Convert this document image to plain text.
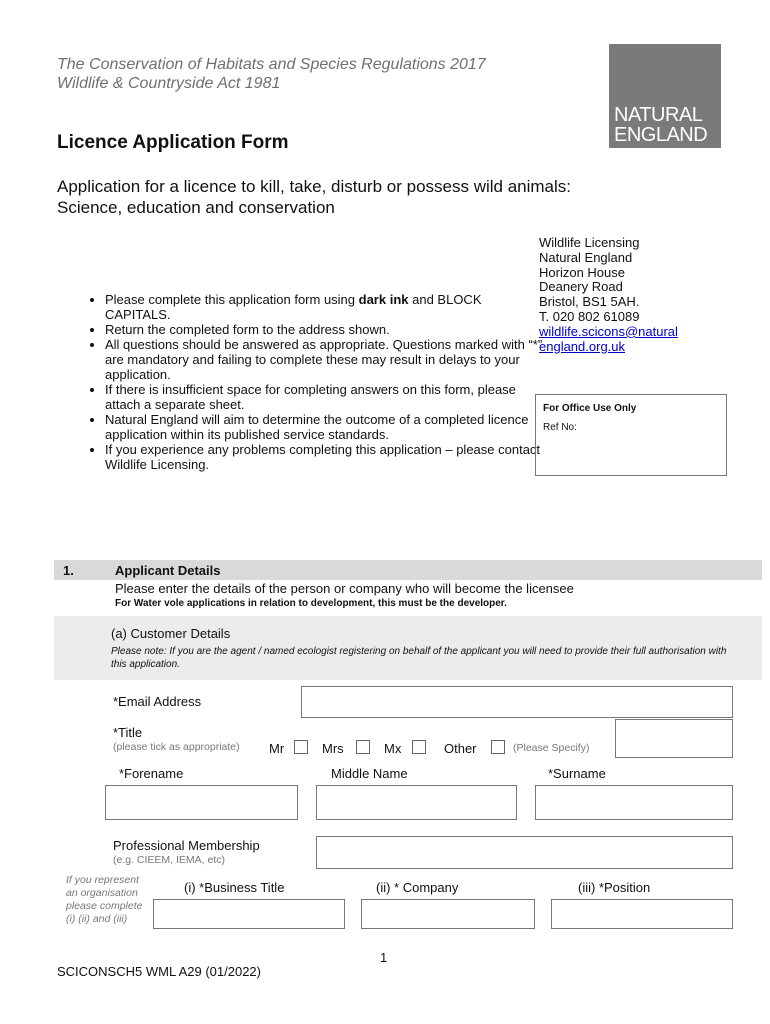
The Conservation of Habitats and Species Regulations 2017
Wildlife & Countryside Act 1981
NATURAL
ENGLAND
Licence Application Form
Application for a licence to kill, take, disturb or possess wild animals:
Science, education and conservation
Wildlife Licensing
Natural England
Horizon House
Deanery Road
Bristol, BS1 5AH.
T. 020 802 61089
wildlife.scicons@natural
england.org.uk
• Please complete this application form using dark ink and BLOCK CAPITALS.
• Return the completed form to the address shown.
• All questions should be answered as appropriate. Questions marked with “*” are mandatory and failing to complete these may result in delays to your application.
• If there is insufficient space for completing answers on this form, please attach a separate sheet.
• Natural England will aim to determine the outcome of a completed licence application within its published service standards.
• If you experience any problems completing this application – please contact Wildlife Licensing.
For Office Use Only
Ref No:
1.	Applicant Details
Please enter the details of the person or company who will become the licensee
For Water vole applications in relation to development, this must be the developer.
(a) Customer Details
Please note: If you are the agent / named ecologist registering on behalf of the applicant you will need to provide their full authorisation with this application.
*Email Address
*Title
(please tick as appropriate) Mr	Mrs	Mx	Other	(Please Specify)
*Forename	Middle Name	*Surname
Professional Membership
(e.g. CIEEM, IEMA, etc)
If you represent
an organisation
please complete
(i) (ii) and (iii)
(i) *Business Title	(ii) * Company	(iii) *Position
1
SCICONSCH5 WML A29 (01/2022)
